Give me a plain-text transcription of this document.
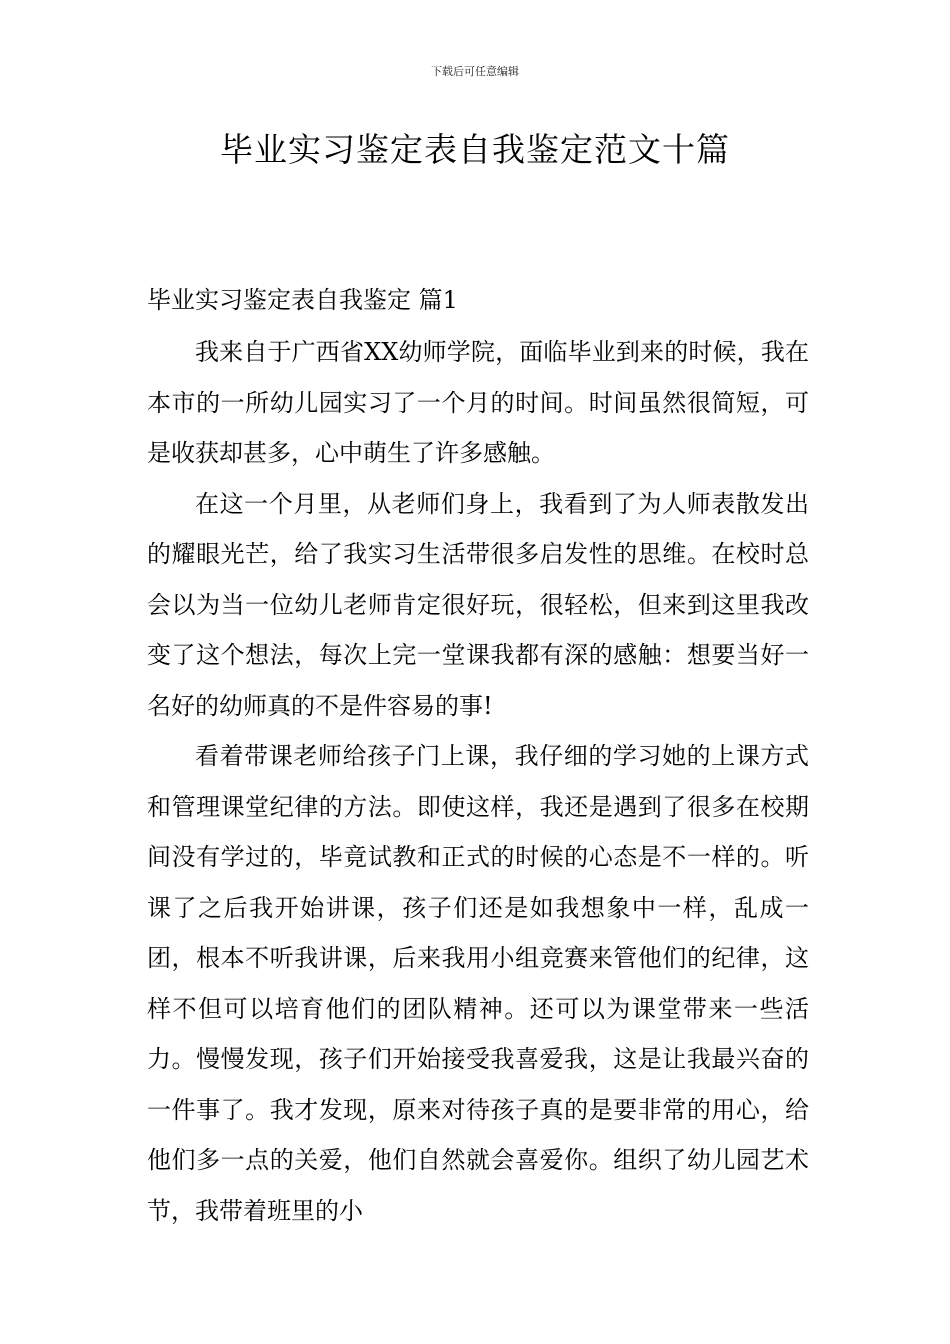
下载后可任意编辑
毕业实习鉴定表自我鉴定范文十篇
毕业实习鉴定表自我鉴定 篇1

我来自于广西省XX幼师学院，面临毕业到来的时候，我在本市的一所幼儿园实习了一个月的时间。时间虽然很简短，可是收获却甚多，心中萌生了许多感触。

在这一个月里，从老师们身上，我看到了为人师表散发出的耀眼光芒，给了我实习生活带很多启发性的思维。在校时总会以为当一位幼儿老师肯定很好玩，很轻松，但来到这里我改变了这个想法，每次上完一堂课我都有深的感触：想要当好一名好的幼师真的不是件容易的事!

看着带课老师给孩子门上课，我仔细的学习她的上课方式和管理课堂纪律的方法。即使这样，我还是遇到了很多在校期间没有学过的，毕竟试教和正式的时候的心态是不一样的。听课了之后我开始讲课，孩子们还是如我想象中一样，乱成一团，根本不听我讲课，后来我用小组竞赛来管他们的纪律，这样不但可以培育他们的团队精神。还可以为课堂带来一些活力。慢慢发现，孩子们开始接受我喜爱我，这是让我最兴奋的一件事了。我才发现，原来对待孩子真的是要非常的用心，给他们多一点的关爱，他们自然就会喜爱你。组织了幼儿园艺术节，我带着班里的小
